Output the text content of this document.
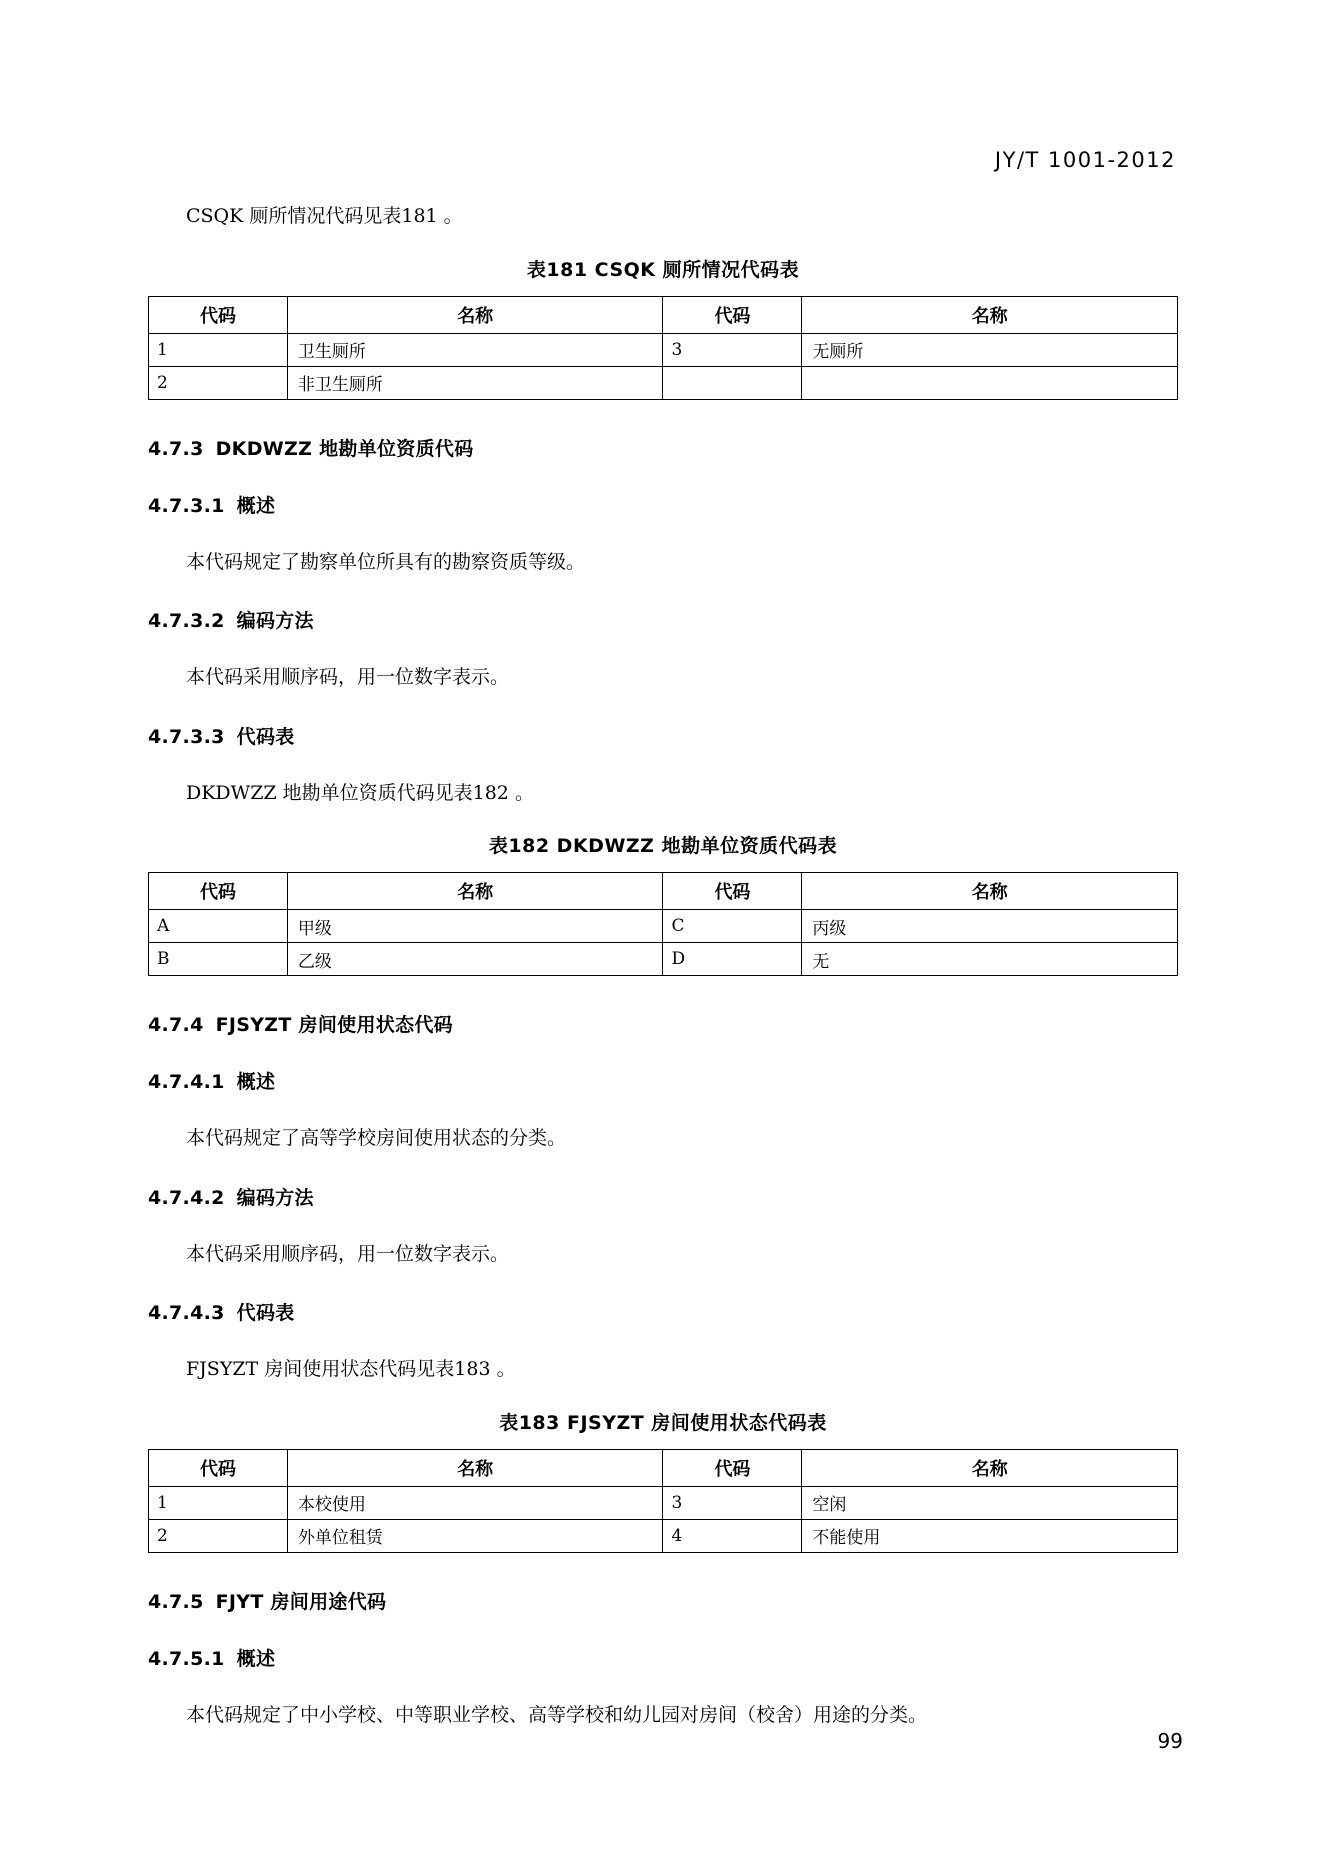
JY/T 1001-2012
CSQK 厕所情况代码见表181 。
表181 CSQK 厕所情况代码表
代码	名称	代码	名称
1	卫生厕所	3	无厕所
2	非卫生厕所		
4.7.3 DKDWZZ 地勘单位资质代码
4.7.3.1 概述
本代码规定了勘察单位所具有的勘察资质等级。
4.7.3.2 编码方法
本代码采用顺序码，用一位数字表示。
4.7.3.3 代码表
DKDWZZ 地勘单位资质代码见表182 。
表182 DKDWZZ 地勘单位资质代码表
代码	名称	代码	名称
A	甲级	C	丙级
B	乙级	D	无
4.7.4 FJSYZT 房间使用状态代码
4.7.4.1 概述
本代码规定了高等学校房间使用状态的分类。
4.7.4.2 编码方法
本代码采用顺序码，用一位数字表示。
4.7.4.3 代码表
FJSYZT 房间使用状态代码见表183 。
表183 FJSYZT 房间使用状态代码表
代码	名称	代码	名称
1	本校使用	3	空闲
2	外单位租赁	4	不能使用
4.7.5 FJYT 房间用途代码
4.7.5.1 概述
本代码规定了中小学校、中等职业学校、高等学校和幼儿园对房间（校舍）用途的分类。
99
